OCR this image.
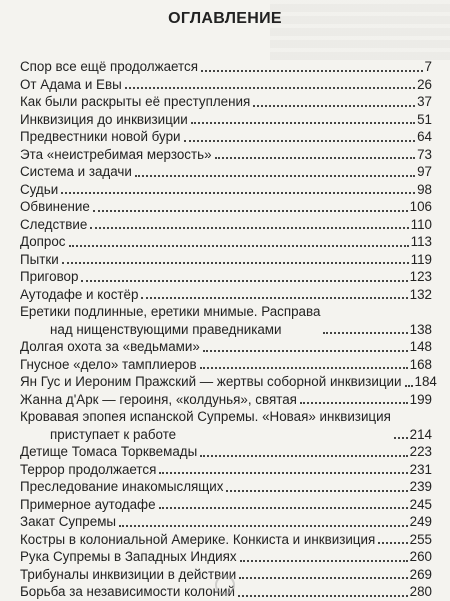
ОГЛАВЛЕНИЕ
Спор все ещё продолжается	7
От Адама и Евы	26
Как были раскрыты её преступления	37
Инквизиция до инквизиции	51
Предвестники новой бури	64
Эта «неистребимая мерзость»	73
Система и задачи	97
Судьи	98
Обвинение	106
Следствие	110
Допрос	113
Пытки	119
Приговор	123
Аутодафе и костёр	132
Еретики подлинные, еретики мнимые. Расправа
над нищенствующими праведниками	138
Долгая охота за «ведьмами»	148
Гнусное «дело» тамплиеров	168
Ян Гус и Иероним Пражский — жертвы соборной инквизиции 184
Жанна д'Арк — героиня, «колдунья», святая	199
Кровавая эпопея испанской Супремы. «Новая» инквизиция
приступает к работе	214
Детище Томаса Торквемады	223
Террор продолжается	231
Преследование инакомыслящих	239
Примерное аутодафе	245
Закат Супремы	249
Костры в колониальной Америке. Конкиста и инквизиция	255
Рука Супремы в Западных Индиях	260
Трибуналы инквизиции в действии	269
Борьба за независимости колоний	280
